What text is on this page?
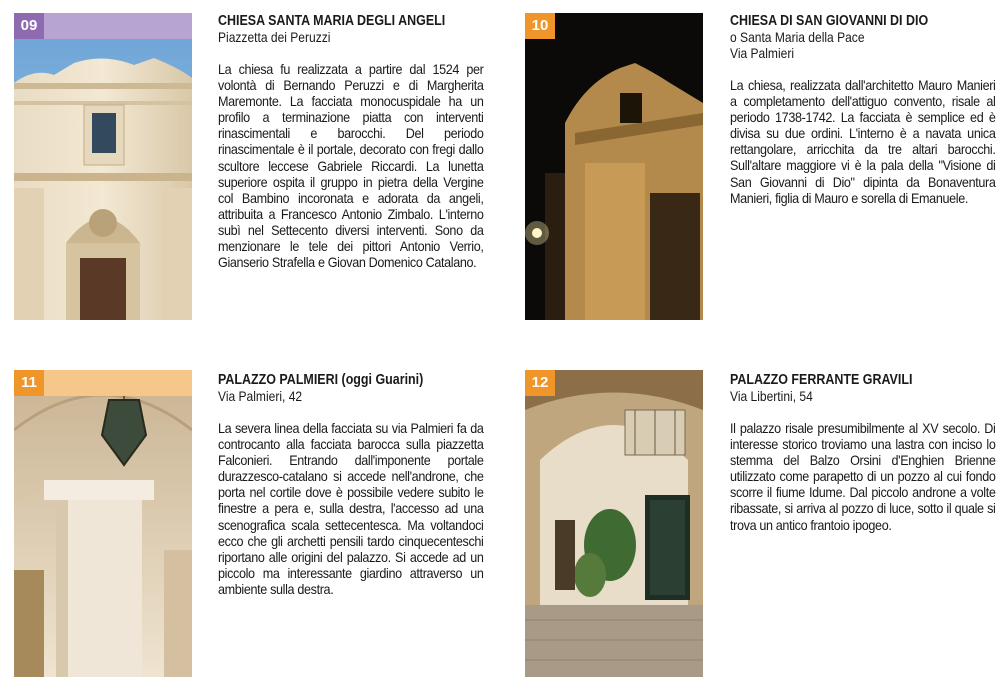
09	CHIESA SANTA MARIA DEGLI ANGELI

Piazzetta dei Peruzzi

La chiesa fu realizzata a partire dal 1524 per volontà di Bernando Peruzzi e di Margherita Maremonte. La facciata monocuspidale ha un profilo a terminazione piatta con interventi rinascimentali e barocchi. Del periodo rinascimentale è il portale, decorato con fregi dallo scultore leccese Gabriele Riccardi. La lunetta superiore ospita il gruppo in pietra della Vergine col Bambino incoronata e adorata da angeli, attribuita a Francesco Antonio Zimbalo. L'interno subì nel Settecento diversi interventi. Sono da menzionare le tele dei pittori Antonio Verrio, Gianserio Strafella e Giovan Domenico Catalano.
10	CHIESA DI SAN GIOVANNI DI DIO

o Santa Maria della Pace

Via Palmieri

La chiesa, realizzata dall'architetto Mauro Manieri a completamento dell'attiguo convento, risale al periodo 1738-1742. La facciata è semplice ed è divisa su due ordini. L'interno è a navata unica rettangolare, arricchita da tre altari barocchi. Sull'altare maggiore vi è la pala della "Visione di San Giovanni di Dio" dipinta da Bonaventura Manieri, figlia di Mauro e sorella di Emanuele.
11	PALAZZO PALMIERI (oggi Guarini)

Via Palmieri, 42

La severa linea della facciata su via Palmieri fa da controcanto alla facciata barocca sulla piazzetta Falconieri. Entrando dall'imponente portale durazzesco-catalano si accede nell'androne, che porta nel cortile dove è possibile vedere subito le finestre a pera e, sulla destra, l'accesso ad una scenografica scala settecentesca. Ma voltandoci ecco che gli archetti pensili tardo cinquecenteschi riportano alle origini del palazzo. Si accede ad un piccolo ma interessante giardino attraverso un ambiente sulla destra.
12	PALAZZO FERRANTE GRAVILI

Via Libertini, 54

Il palazzo risale presumibilmente al XV secolo. Di interesse storico troviamo una lastra con inciso lo stemma del Balzo Orsini d'Enghien Brienne utilizzato come parapetto di un pozzo al cui fondo scorre il fiume Idume. Dal piccolo androne a volte ribassate, si arriva al pozzo di luce, sotto il quale si trova un antico frantoio ipogeo.
